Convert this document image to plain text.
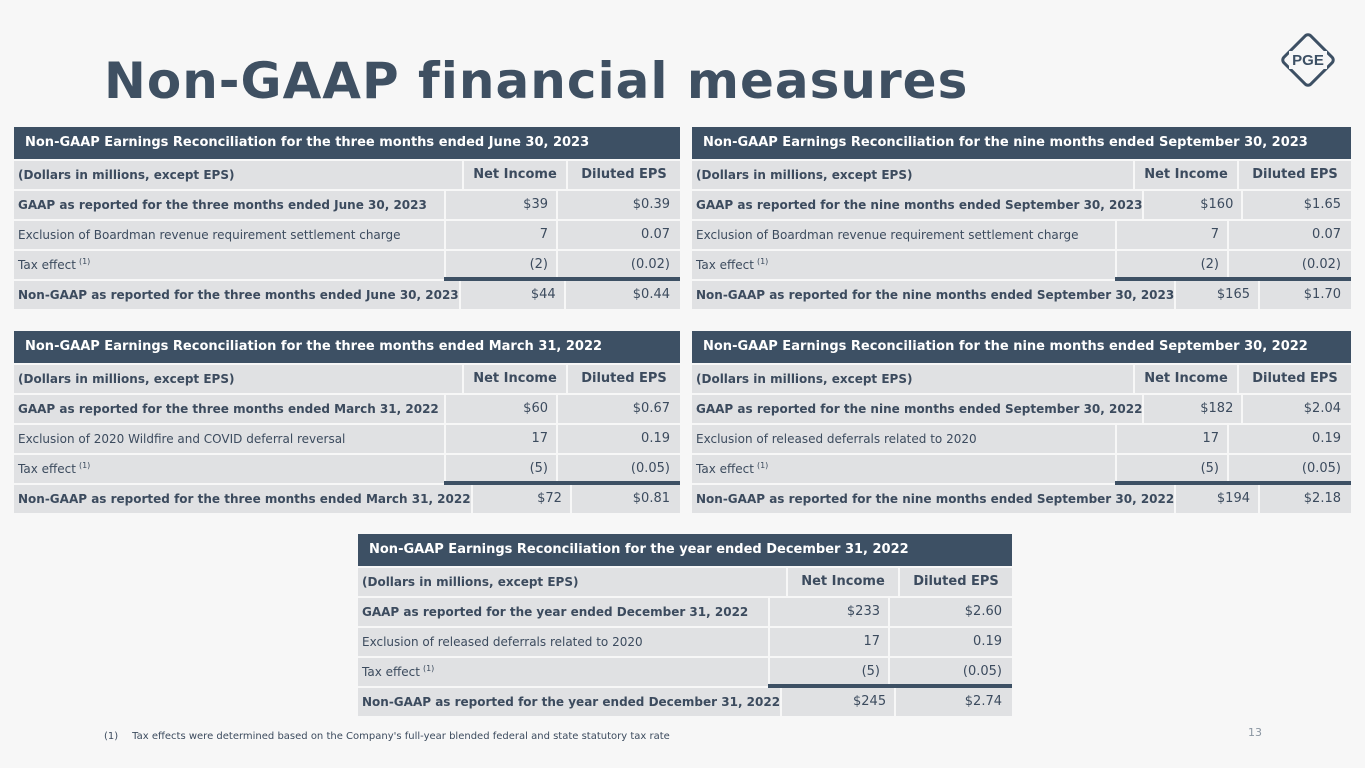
Non-GAAP financial measures	PGE
Non-GAAP Earnings Reconciliation for the three months ended June 30, 2023
(Dollars in millions, except EPS)	Net Income	Diluted EPS
GAAP as reported for the three months ended June 30, 2023	$39	$0.39
Exclusion of Boardman revenue requirement settlement charge	7	0.07
Tax effect $^{(1)}$	(2)	(0.02)
Non-GAAP as reported for the three months ended June 30, 2023	$44	$0.44
Non-GAAP Earnings Reconciliation for the nine months ended September 30, 2023
(Dollars in millions, except EPS)	Net Income	Diluted EPS
GAAP as reported for the nine months ended September 30, 2023	$160	$1.65
Exclusion of Boardman revenue requirement settlement charge	7	0.07
Tax effect $^{(1)}$	(2)	(0.02)
Non-GAAP as reported for the nine months ended September 30, 2023	$165	$1.70
Non-GAAP Earnings Reconciliation for the three months ended March 31, 2022
(Dollars in millions, except EPS)	Net Income	Diluted EPS
GAAP as reported for the three months ended March 31, 2022	$60	$0.67
Exclusion of 2020 Wildfire and COVID deferral reversal	17	0.19
Tax effect $^{(1)}$	(5)	(0.05)
Non-GAAP as reported for the three months ended March 31, 2022	$72	$0.81
Non-GAAP Earnings Reconciliation for the nine months ended September 30, 2022
(Dollars in millions, except EPS)	Net Income	Diluted EPS
GAAP as reported for the nine months ended September 30, 2022	$182	$2.04
Exclusion of released deferrals related to 2020	17	0.19
Tax effect $^{(1)}$	(5)	(0.05)
Non-GAAP as reported for the nine months ended September 30, 2022	$194	$2.18
Non-GAAP Earnings Reconciliation for the year ended December 31, 2022
(Dollars in millions, except EPS)	Net Income	Diluted EPS
GAAP as reported for the year ended December 31, 2022	$233	$2.60
Exclusion of released deferrals related to 2020	17	0.19
Tax effect $^{(1)}$	(5)	(0.05)
Non-GAAP as reported for the year ended December 31, 2022	$245	$2.74
(1) Tax effects were determined based on the Company's full-year blended federal and state statutory tax rate	13
